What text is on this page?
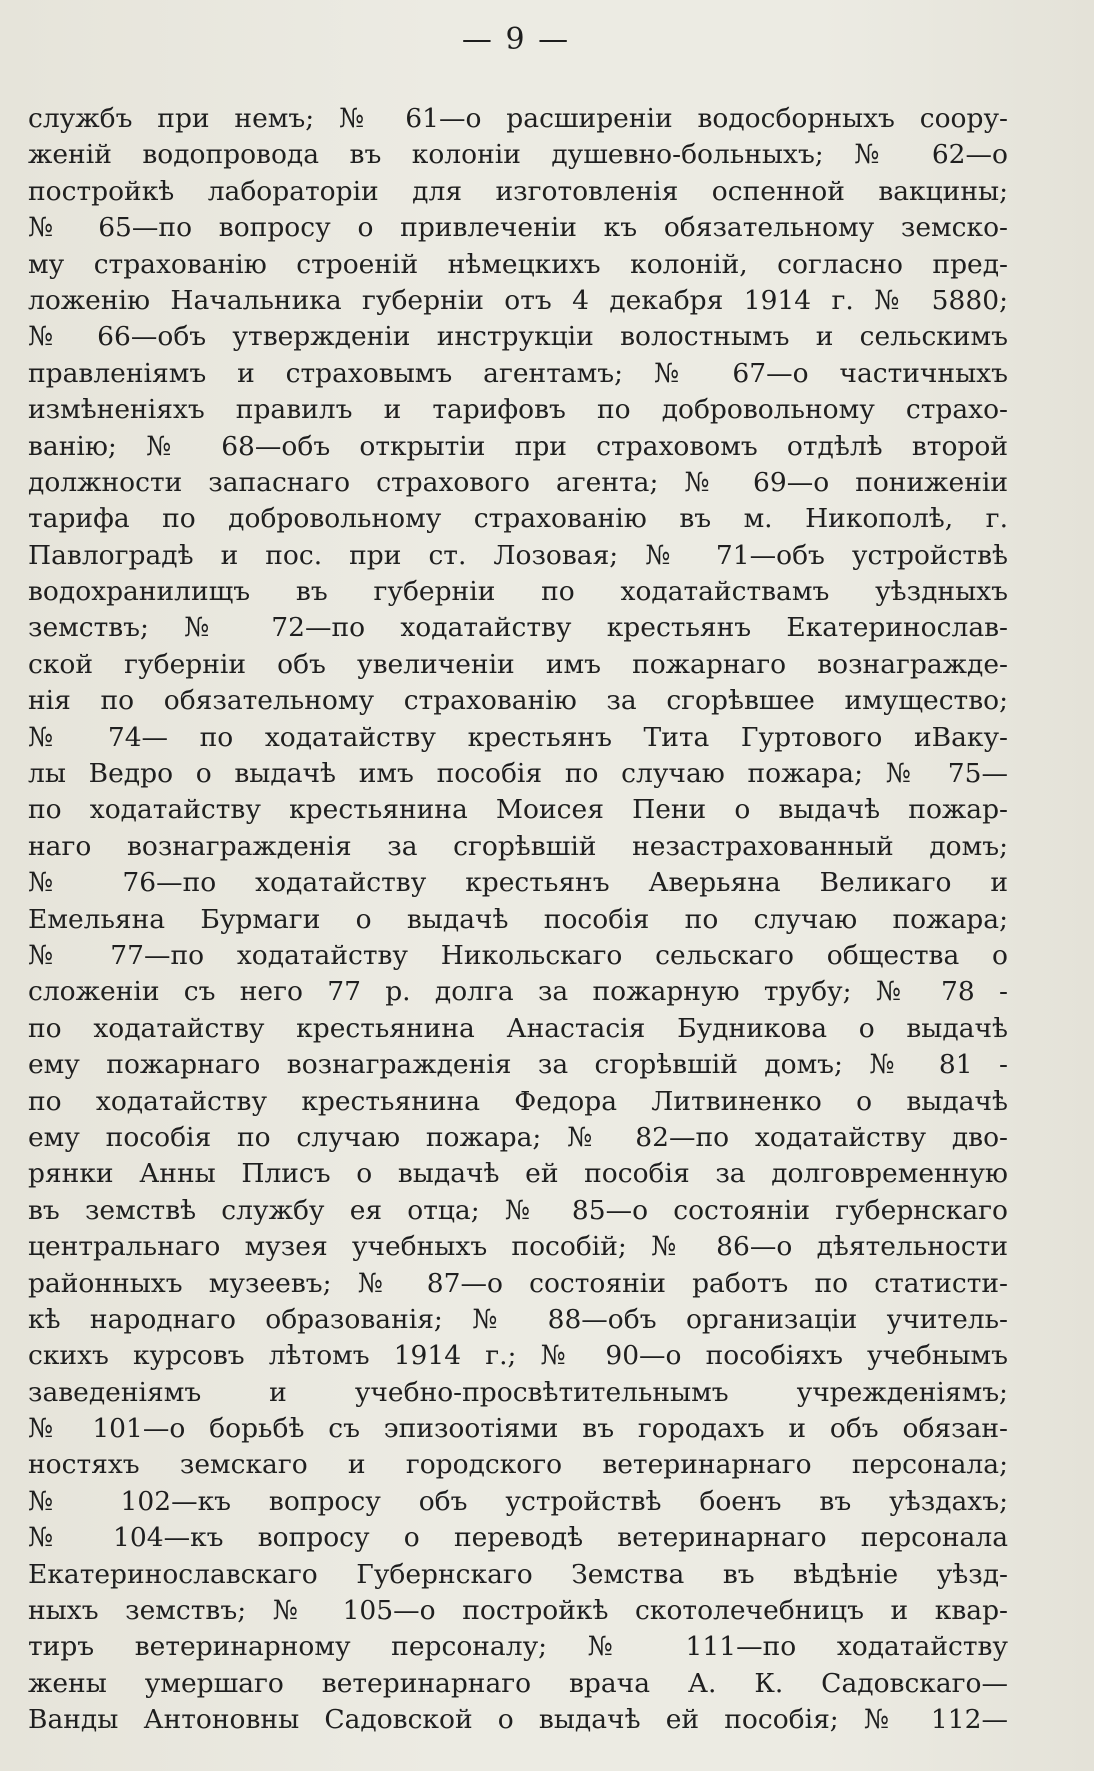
— 9 —
службъ при немъ; № 61—о расширеніи водосборныхъ соору-
женій водопровода въ колоніи душевно-больныхъ; № 62—о
постройкѣ лабораторіи для изготовленія оспенной вакцины;
№ 65—по вопросу о привлеченіи къ обязательному земско-
му страхованію строеній нѣмецкихъ колоній, согласно пред-
ложенію Начальника губерніи отъ 4 декабря 1914 г. № 5880;
№ 66—объ утвержденіи инструкціи волостнымъ и сельскимъ
правленіямъ и страховымъ агентамъ; № 67—о частичныхъ
измѣненіяхъ правилъ и тарифовъ по добровольному страхо-
ванію; № 68—объ открытіи при страховомъ отдѣлѣ второй
должности запаснаго страхового агента; № 69—о пониженіи
тарифа по добровольному страхованію въ м. Никополѣ, г.
Павлоградѣ и пос. при ст. Лозовая; № 71—объ устройствѣ
водохранилищъ въ губерніи по ходатайствамъ уѣздныхъ
земствъ; № 72—по ходатайству крестьянъ Екатеринослав-
ской губерніи объ увеличеніи имъ пожарнаго вознагражде-
нія по обязательному страхованію за сгорѣвшее имущество;
№ 74— по ходатайству крестьянъ Тита Гуртового иВаку-
лы Ведро о выдачѣ имъ пособія по случаю пожара; № 75—
по ходатайству крестьянина Моисея Пени о выдачѣ пожар-
наго вознагражденія за сгорѣвшій незастрахованный домъ;
№ 76—по ходатайству крестьянъ Аверьяна Великаго и
Емельяна Бурмаги о выдачѣ пособія по случаю пожара;
№ 77—по ходатайству Никольскаго сельскаго общества о
сложеніи съ него 77 р. долга за пожарную трубу; № 78 -
по ходатайству крестьянина Анастасія Будникова о выдачѣ
ему пожарнаго вознагражденія за сгорѣвшій домъ; № 81 -
по ходатайству крестьянина Федора Литвиненко о выдачѣ
ему пособія по случаю пожара; № 82—по ходатайству дво-
рянки Анны Плисъ о выдачѣ ей пособія за долговременную
въ земствѣ службу ея отца; № 85—о состояніи губернскаго
центральнаго музея учебныхъ пособій; № 86—о дѣятельности
районныхъ музеевъ; № 87—о состояніи работъ по статисти-
кѣ народнаго образованія; № 88—объ организаціи учитель-
скихъ курсовъ лѣтомъ 1914 г.; № 90—о пособіяхъ учебнымъ
заведеніямъ и учебно-просвѣтительнымъ учрежденіямъ;
№ 101—о борьбѣ съ эпизоотіями въ городахъ и объ обязан-
ностяхъ земскаго и городского ветеринарнаго персонала;
№ 102—къ вопросу объ устройствѣ боенъ въ уѣздахъ;
№ 104—къ вопросу о переводѣ ветеринарнаго персонала
Екатеринославскаго Губернскаго Земства въ вѣдѣніе уѣзд-
ныхъ земствъ; № 105—о постройкѣ скотолечебницъ и квар-
тиръ ветеринарному персоналу; № 111—по ходатайству
жены умершаго ветеринарнаго врача А. К. Садовскаго—
Ванды Антоновны Садовской о выдачѣ ей пособія; № 112—
